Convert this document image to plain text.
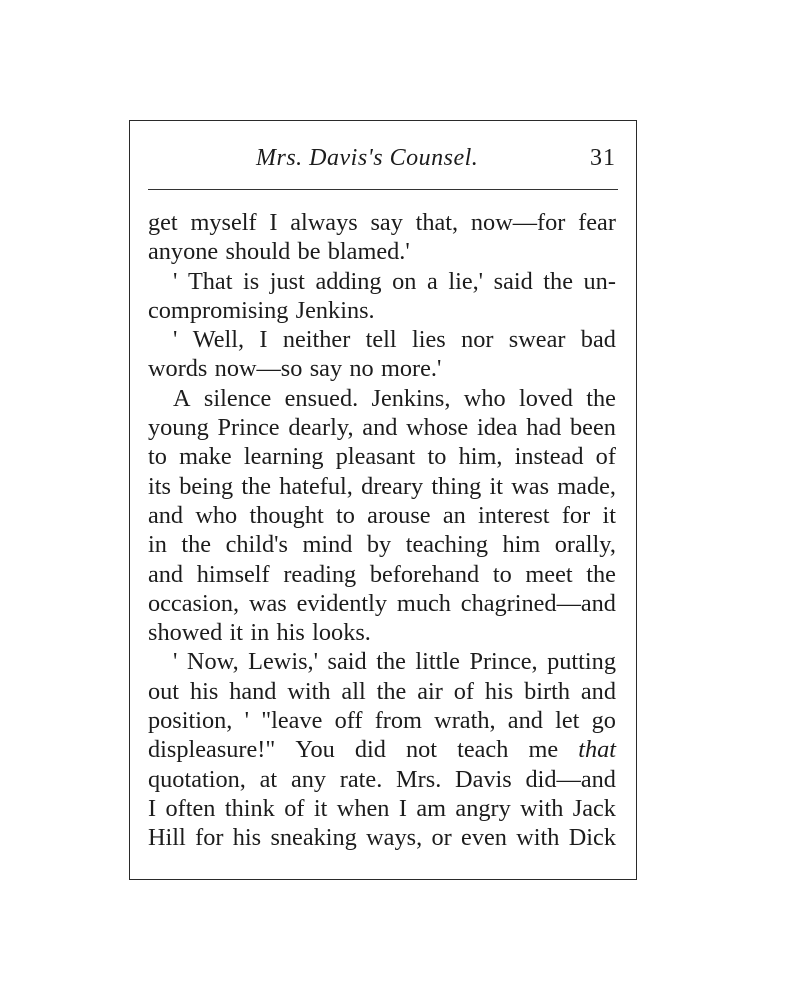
Mrs. Davis's Counsel.	31
get myself I always say that, now—for fear
anyone should be blamed.'
' That is just adding on a lie,' said the un-
compromising Jenkins.
' Well, I neither tell lies nor swear bad
words now—so say no more.'
A silence ensued. Jenkins, who loved the
young Prince dearly, and whose idea had been
to make learning pleasant to him, instead of
its being the hateful, dreary thing it was made,
and who thought to arouse an interest for it
in the child's mind by teaching him orally,
and himself reading beforehand to meet the
occasion, was evidently much chagrined—and
showed it in his looks.
' Now, Lewis,' said the little Prince, putting
out his hand with all the air of his birth and
position, ' "leave off from wrath, and let go
displeasure!" You did not teach me that
quotation, at any rate. Mrs. Davis did—and
I often think of it when I am angry with Jack
Hill for his sneaking ways, or even with Dick
